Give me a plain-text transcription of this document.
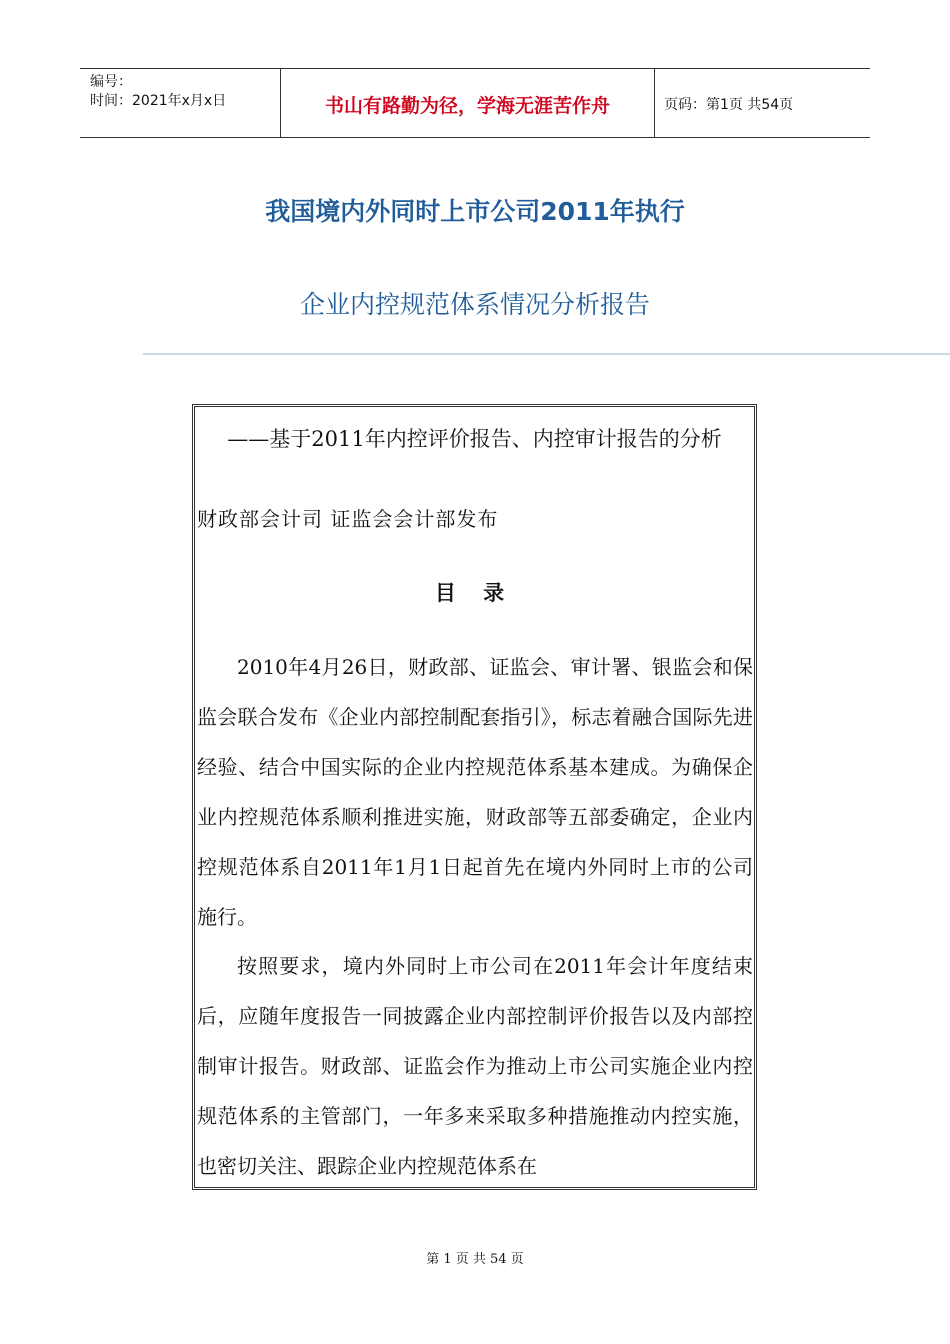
编号：
时间：2021年x月x日	书山有路勤为径，学海无涯苦作舟	页码：第1页 共54页
我国境内外同时上市公司2011年执行
企业内控规范体系情况分析报告
——基于2011年内控评价报告、内控审计报告的分析
财政部会计司 证监会会计部发布
目 录
2010年4月26日，财政部、证监会、审计署、银监会和保监会联合发布《企业内部控制配套指引》，标志着融合国际先进经验、结合中国实际的企业内控规范体系基本建成。为确保企业内控规范体系顺利推进实施，财政部等五部委确定，企业内控规范体系自2011年1月1日起首先在境内外同时上市的公司施行。
按照要求，境内外同时上市公司在2011年会计年度结束后，应随年度报告一同披露企业内部控制评价报告以及内部控制审计报告。财政部、证监会作为推动上市公司实施企业内控规范体系的主管部门，一年多来采取多种措施推动内控实施，也密切关注、跟踪企业内控规范体系在
第 1 页 共 54 页
